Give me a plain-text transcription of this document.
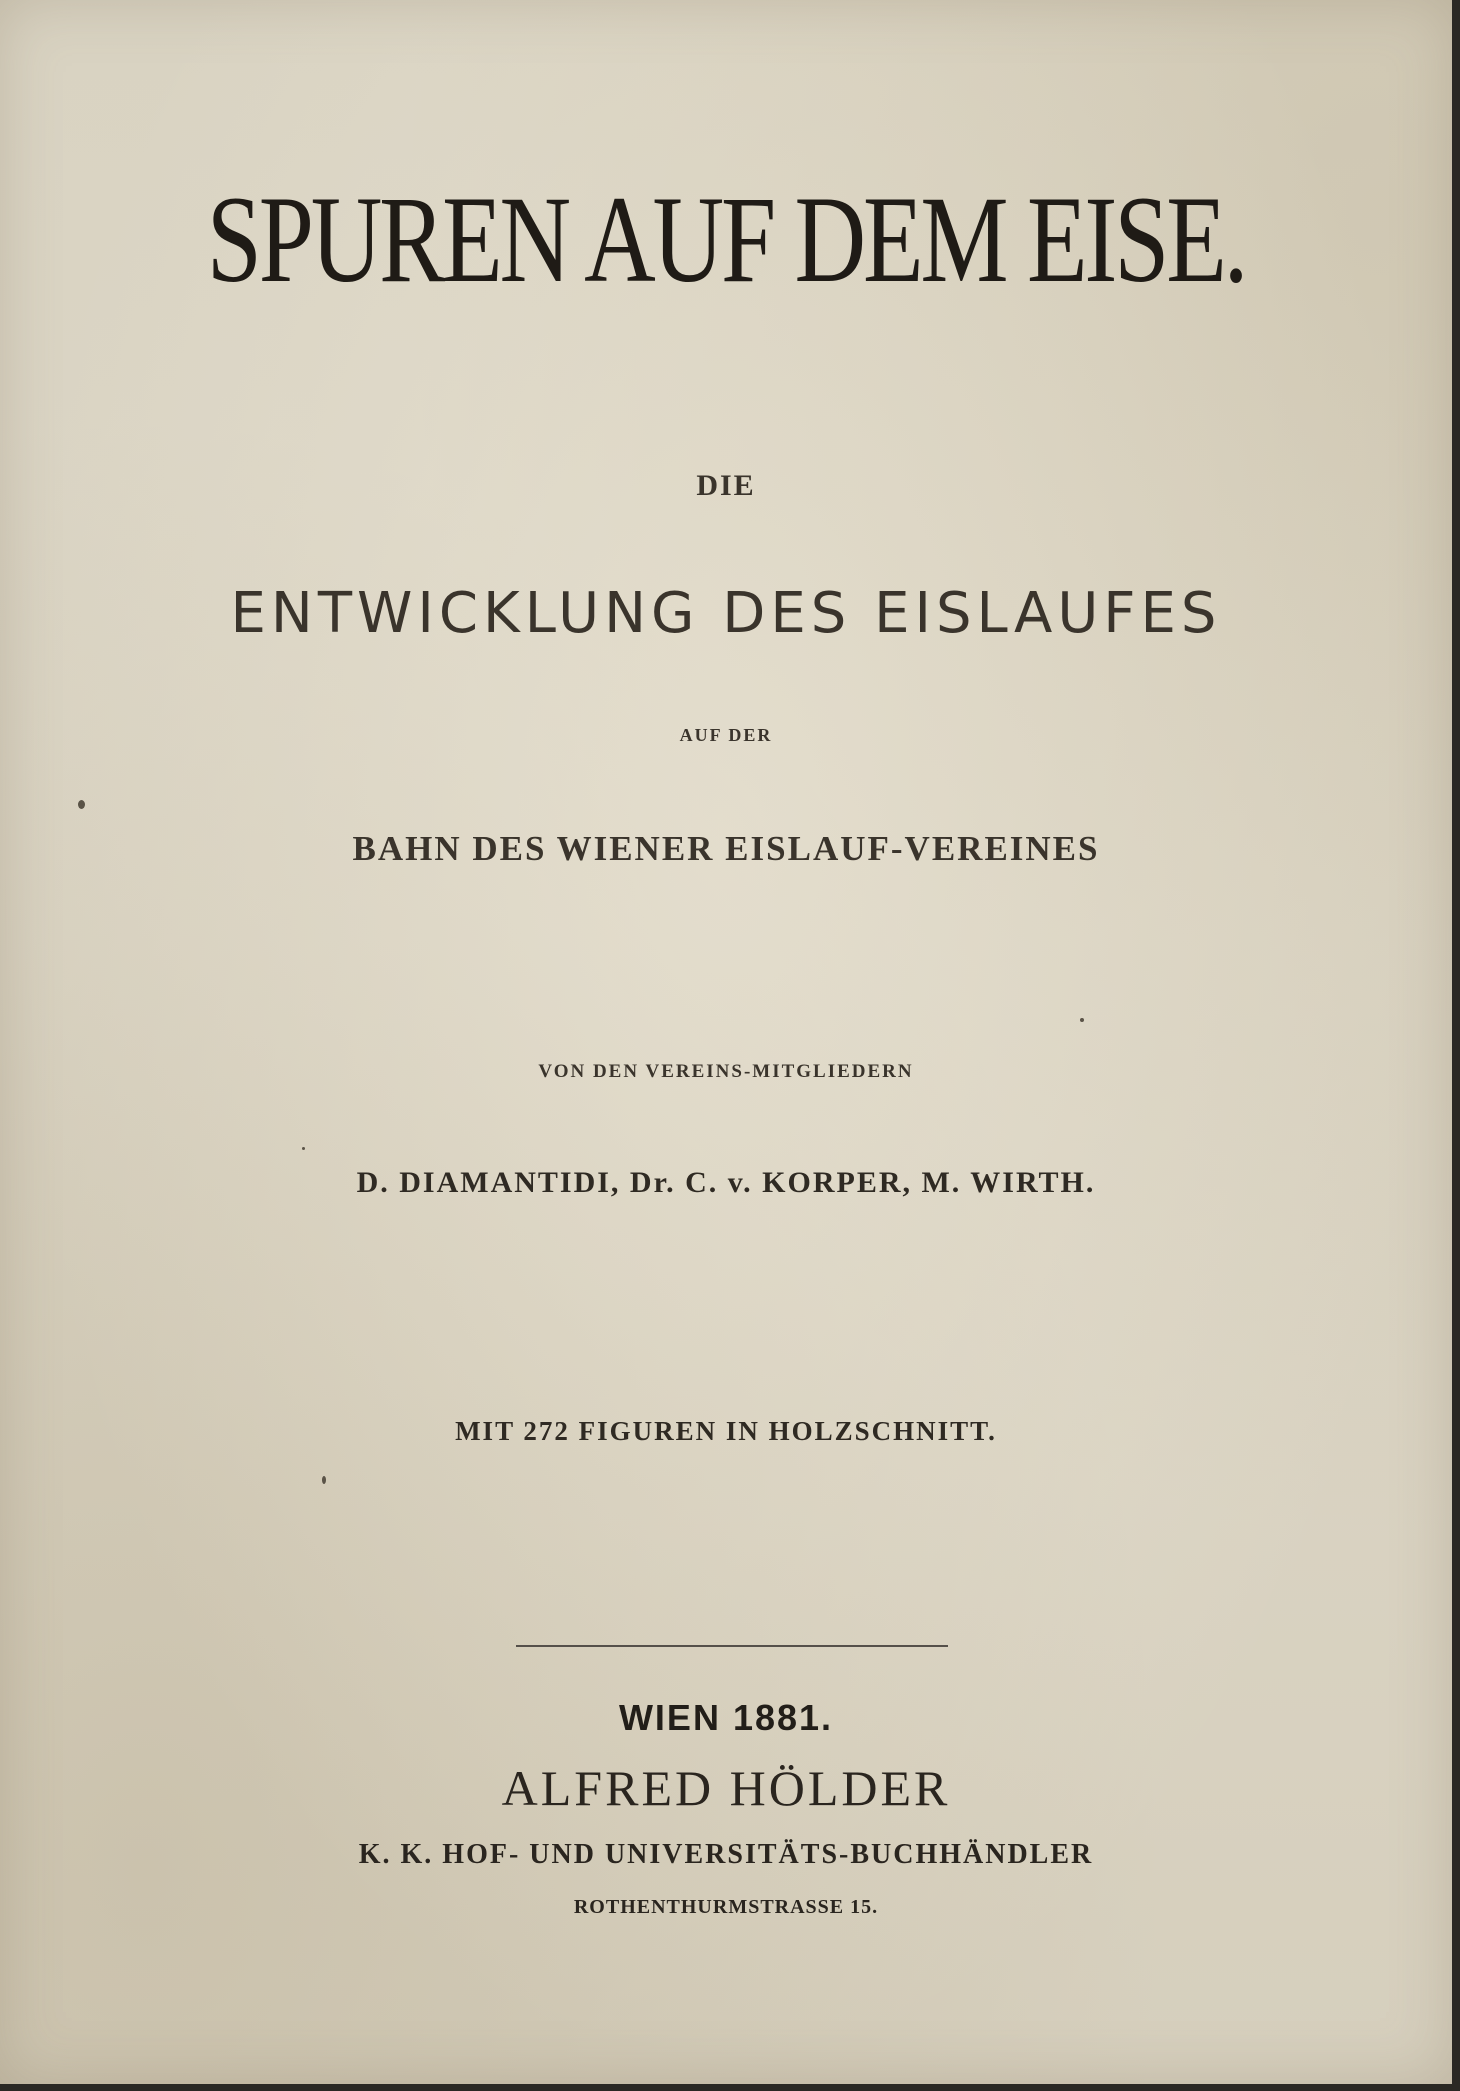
SPUREN AUF DEM EISE.

DIE

ENTWICKLUNG DES EISLAUFES

AUF DER

BAHN DES WIENER EISLAUF-VEREINES

VON DEN VEREINS-MITGLIEDERN

D. DIAMANTIDI, Dr. C. v. KORPER, M. WIRTH.

MIT 272 FIGUREN IN HOLZSCHNITT.

WIEN 1881.

ALFRED HÖLDER

K. K. HOF- UND UNIVERSITÄTS-BUCHHÄNDLER

ROTHENTHURMSTRASSE 15.
